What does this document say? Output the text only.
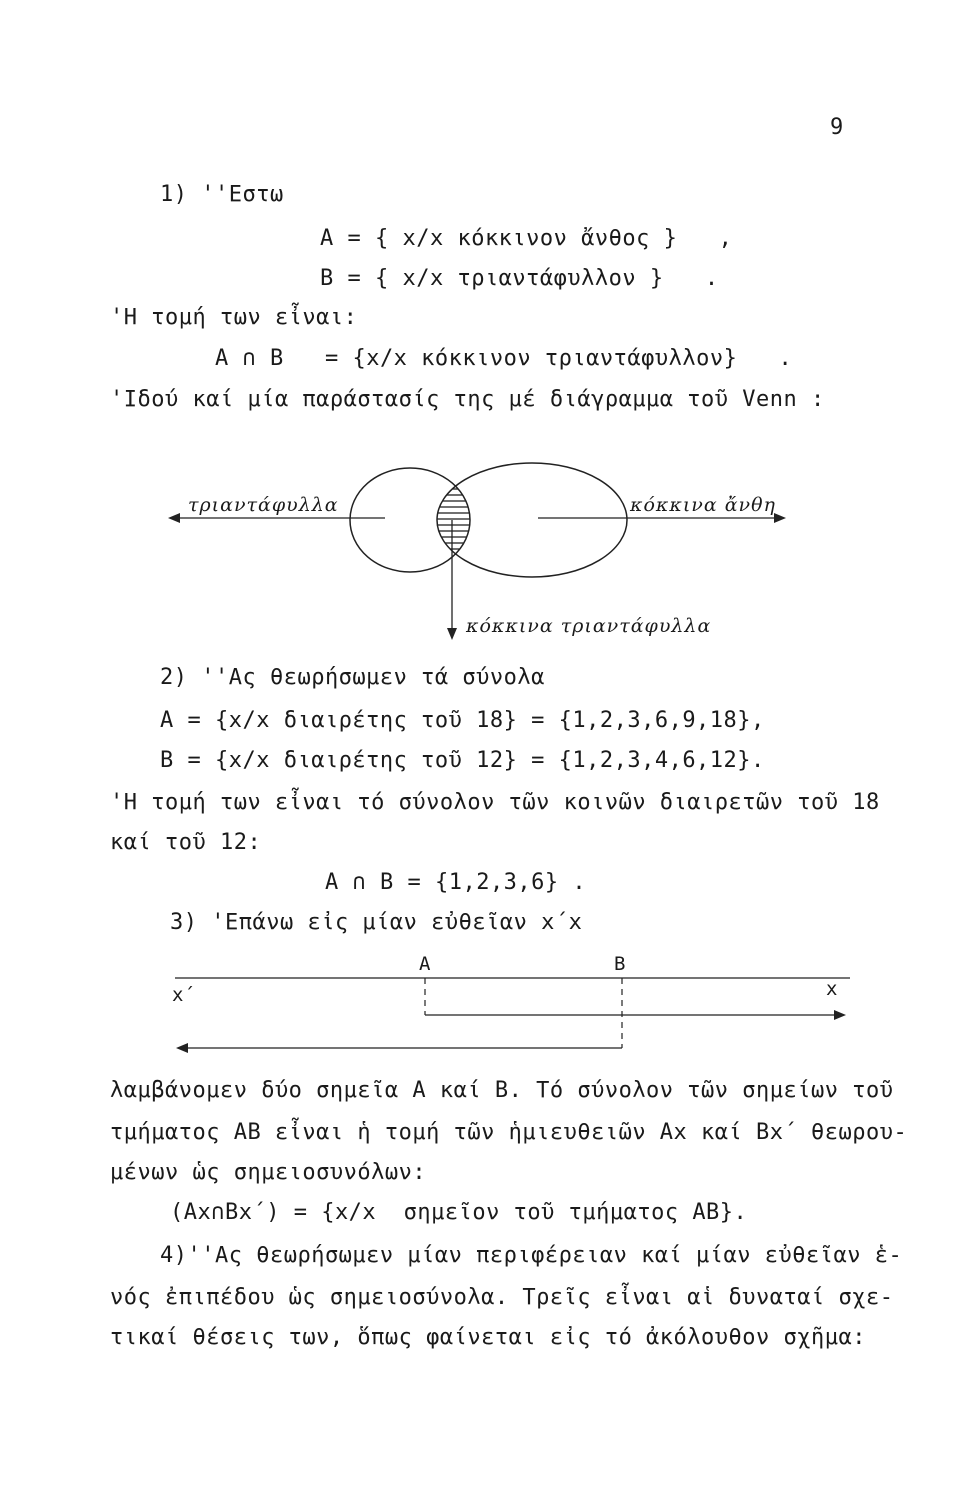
9
1) ''Εστω
A = { x/x κόκκινον ἄνθος }   ,
B = { x/x τριαντάφυλλον }   .
'Η τομή των εἶναι:
A ∩ B   = {x/x κόκκινον τριαντάφυλλον}   .
'Ιδού καί μία παράστασίς της μέ διάγραμμα τοῦ Venn :
τριαντάφυλλα	κόκκινα ἄνθη
κόκκινα τριαντάφυλλα
2) ''Ας θεωρήσωμεν τά σύνολα
A = {x/x διαιρέτης τοῦ 18} = {1,2,3,6,9,18},
B = {x/x διαιρέτης τοῦ 12} = {1,2,3,4,6,12}.
'Η τομή των εἶναι τό σύνολον τῶν κοινῶν διαιρετῶν τοῦ 18
καί τοῦ 12:
A ∩ B = {1,2,3,6} .
3) 'Επάνω εἰς μίαν εὐθεῖαν x΄x
x΄	x
A	B
λαμβάνομεν δύο σημεῖα A καί B. Τό σύνολον τῶν σημείων τοῦ
τμήματος AB εἶναι ἡ τομή τῶν ἡμιευθειῶν Ax καί Bx΄ θεωρου-
μένων ὡς σημειοσυνόλων:
(Ax∩Bx΄) = {x/x  σημεῖον τοῦ τμήματος AB}.
4)''Ας θεωρήσωμεν μίαν περιφέρειαν καί μίαν εὐθεῖαν ἑ-
νός ἐπιπέδου ὡς σημειοσύνολα. Τρεῖς εἶναι αἱ δυναταί σχε-
τικαί θέσεις των, ὅπως φαίνεται εἰς τό ἀκόλουθον σχῆμα:
